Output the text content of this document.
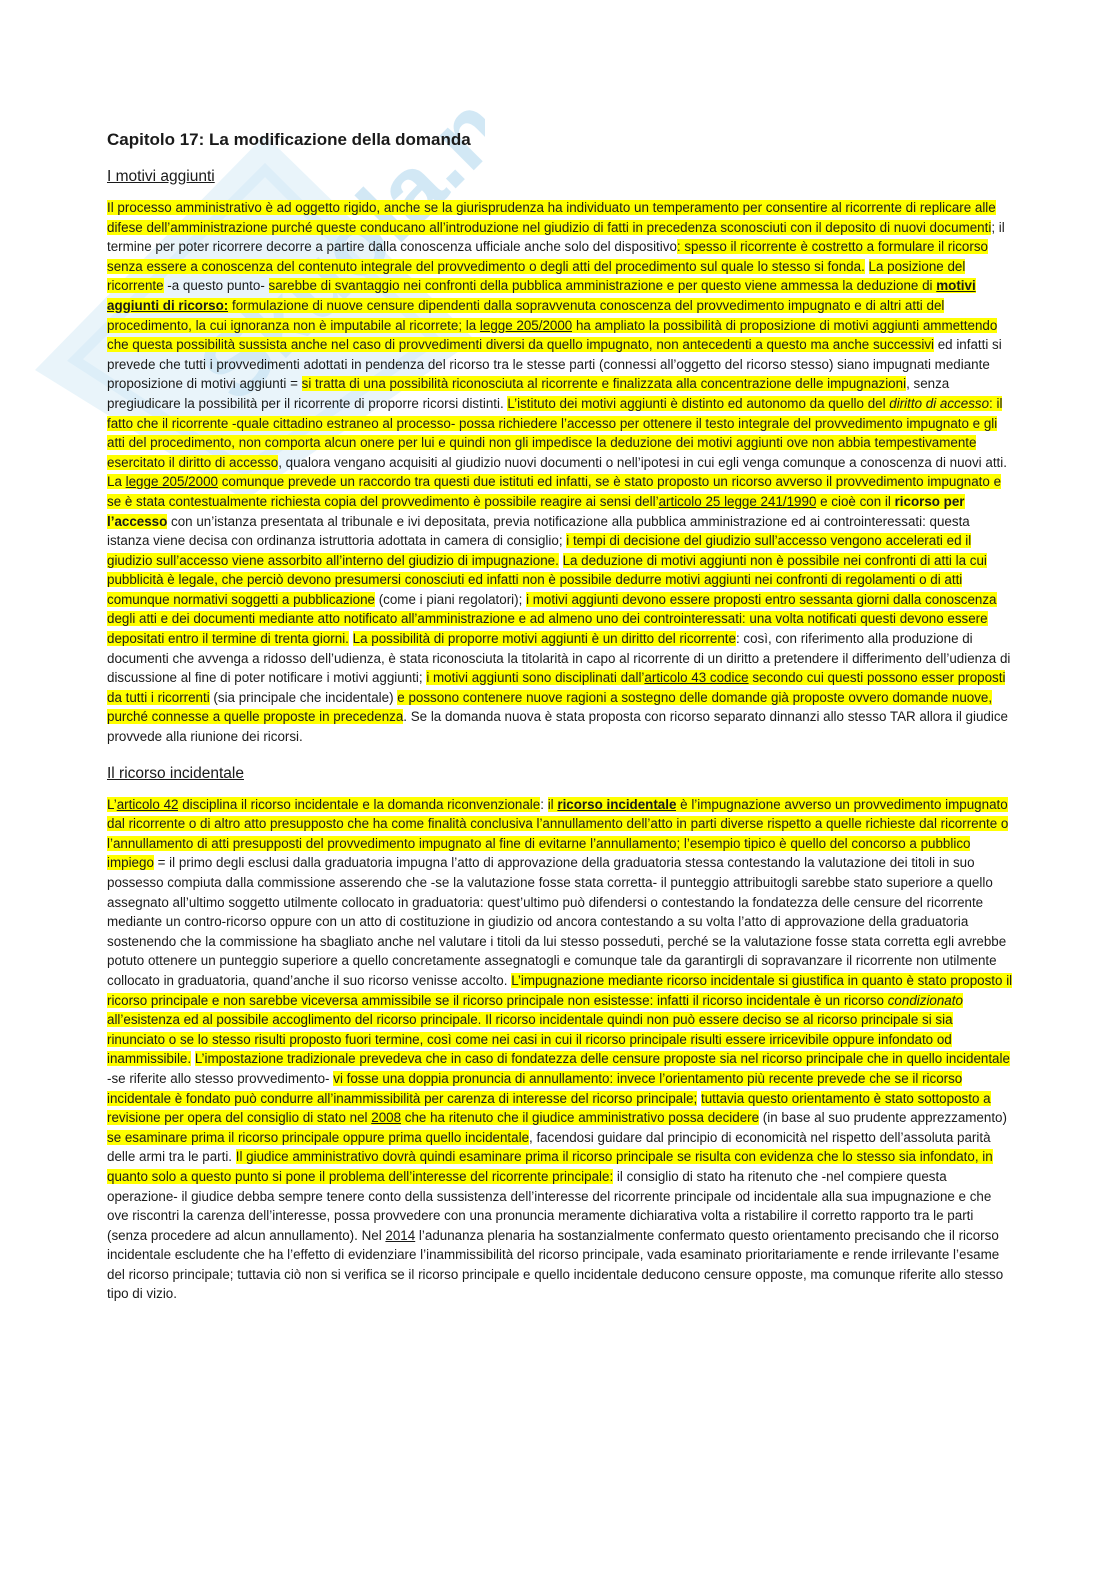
Capitolo 17: La modificazione della domanda
I motivi aggiunti

Il processo amministrativo è ad oggetto rigido, anche se la giurisprudenza ha individuato un temperamento per consentire al ricorrente di replicare alle difese dell’amministrazione purché queste conducano all’introduzione nel giudizio di fatti in precedenza sconosciuti con il deposito di nuovi documenti; il termine per poter ricorrere decorre a partire dalla conoscenza ufficiale anche solo del dispositivo: spesso il ricorrente è costretto a formulare il ricorso senza essere a conoscenza del contenuto integrale del provvedimento o degli atti del procedimento sul quale lo stesso si fonda. La posizione del ricorrente -a questo punto- sarebbe di svantaggio nei confronti della pubblica amministrazione e per questo viene ammessa la deduzione di motivi aggiunti di ricorso: formulazione di nuove censure dipendenti dalla sopravvenuta conoscenza del provvedimento impugnato e di altri atti del procedimento, la cui ignoranza non è imputabile al ricorrete; la legge 205/2000 ha ampliato la possibilità di proposizione di motivi aggiunti ammettendo che questa possibilità sussista anche nel caso di provvedimenti diversi da quello impugnato, non antecedenti a questo ma anche successivi ed infatti si prevede che tutti i provvedimenti adottati in pendenza del ricorso tra le stesse parti (connessi all’oggetto del ricorso stesso) siano impugnati mediante proposizione di motivi aggiunti = si tratta di una possibilità riconosciuta al ricorrente e finalizzata alla concentrazione delle impugnazioni, senza pregiudicare la possibilità per il ricorrente di proporre ricorsi distinti. L’istituto dei motivi aggiunti è distinto ed autonomo da quello del diritto di accesso: il fatto che il ricorrente -quale cittadino estraneo al processo- possa richiedere l’accesso per ottenere il testo integrale del provvedimento impugnato e gli atti del procedimento, non comporta alcun onere per lui e quindi non gli impedisce la deduzione dei motivi aggiunti ove non abbia tempestivamente esercitato il diritto di accesso, qualora vengano acquisiti al giudizio nuovi documenti o nell’ipotesi in cui egli venga comunque a conoscenza di nuovi atti. La legge 205/2000 comunque prevede un raccordo tra questi due istituti ed infatti, se è stato proposto un ricorso avverso il provvedimento impugnato e se è stata contestualmente richiesta copia del provvedimento è possibile reagire ai sensi dell’articolo 25 legge 241/1990 e cioè con il ricorso per l’accesso con un’istanza presentata al tribunale e ivi depositata, previa notificazione alla pubblica amministrazione ed ai controinteressati: questa istanza viene decisa con ordinanza istruttoria adottata in camera di consiglio; i tempi di decisione del giudizio sull’accesso vengono accelerati ed il giudizio sull’accesso viene assorbito all’interno del giudizio di impugnazione. La deduzione di motivi aggiunti non è possibile nei confronti di atti la cui pubblicità è legale, che perciò devono presumersi conosciuti ed infatti non è possibile dedurre motivi aggiunti nei confronti di regolamenti o di atti comunque normativi soggetti a pubblicazione (come i piani regolatori); i motivi aggiunti devono essere proposti entro sessanta giorni dalla conoscenza degli atti e dei documenti mediante atto notificato all’amministrazione e ad almeno uno dei controinteressati: una volta notificati questi devono essere depositati entro il termine di trenta giorni. La possibilità di proporre motivi aggiunti è un diritto del ricorrente: così, con riferimento alla produzione di documenti che avvenga a ridosso dell’udienza, è stata riconosciuta la titolarità in capo al ricorrente di un diritto a pretendere il differimento dell’udienza di discussione al fine di poter notificare i motivi aggiunti; i motivi aggiunti sono disciplinati dall’articolo 43 codice secondo cui questi possono esser proposti da tutti i ricorrenti (sia principale che incidentale) e possono contenere nuove ragioni a sostegno delle domande già proposte ovvero domande nuove, purché connesse a quelle proposte in precedenza. Se la domanda nuova è stata proposta con ricorso separato dinnanzi allo stesso TAR allora il giudice provvede alla riunione dei ricorsi.

Il ricorso incidentale

L’articolo 42 disciplina il ricorso incidentale e la domanda riconvenzionale: il ricorso incidentale è l’impugnazione avverso un provvedimento impugnato dal ricorrente o di altro atto presupposto che ha come finalità conclusiva l’annullamento dell’atto in parti diverse rispetto a quelle richieste dal ricorrente o l’annullamento di atti presupposti del provvedimento impugnato al fine di evitarne l’annullamento; l’esempio tipico è quello del concorso a pubblico impiego = il primo degli esclusi dalla graduatoria impugna l’atto di approvazione della graduatoria stessa contestando la valutazione dei titoli in suo possesso compiuta dalla commissione asserendo che -se la valutazione fosse stata corretta- il punteggio attribuitogli sarebbe stato superiore a quello assegnato all’ultimo soggetto utilmente collocato in graduatoria: quest’ultimo può difendersi o contestando la fondatezza delle censure del ricorrente mediante un contro-ricorso oppure con un atto di costituzione in giudizio od ancora contestando a su volta l’atto di approvazione della graduatoria sostenendo che la commissione ha sbagliato anche nel valutare i titoli da lui stesso posseduti, perché se la valutazione fosse stata corretta egli avrebbe potuto ottenere un punteggio superiore a quello concretamente assegnatogli e comunque tale da garantirgli di sopravanzare il ricorrente non utilmente collocato in graduatoria, quand’anche il suo ricorso venisse accolto. L’impugnazione mediante ricorso incidentale si giustifica in quanto è stato proposto il ricorso principale e non sarebbe viceversa ammissibile se il ricorso principale non esistesse: infatti il ricorso incidentale è un ricorso condizionato all’esistenza ed al possibile accoglimento del ricorso principale. Il ricorso incidentale quindi non può essere deciso se al ricorso principale si sia rinunciato o se lo stesso risulti proposto fuori termine, così come nei casi in cui il ricorso principale risulti essere irricevibile oppure infondato od inammissibile. L’impostazione tradizionale prevedeva che in caso di fondatezza delle censure proposte sia nel ricorso principale che in quello incidentale -se riferite allo stesso provvedimento- vi fosse una doppia pronuncia di annullamento: invece l’orientamento più recente prevede che se il ricorso incidentale è fondato può condurre all’inammissibilità per carenza di interesse del ricorso principale; tuttavia questo orientamento è stato sottoposto a revisione per opera del consiglio di stato nel 2008 che ha ritenuto che il giudice amministrativo possa decidere (in base al suo prudente apprezzamento) se esaminare prima il ricorso principale oppure prima quello incidentale, facendosi guidare dal principio di economicità nel rispetto dell’assoluta parità delle armi tra le parti. Il giudice amministrativo dovrà quindi esaminare prima il ricorso principale se risulta con evidenza che lo stesso sia infondato, in quanto solo a questo punto si pone il problema dell’interesse del ricorrente principale: il consiglio di stato ha ritenuto che -nel compiere questa operazione- il giudice debba sempre tenere conto della sussistenza dell’interesse del ricorrente principale od incidentale alla sua impugnazione e che ove riscontri la carenza dell’interesse, possa provvedere con una pronuncia meramente dichiarativa volta a ristabilire il corretto rapporto tra le parti (senza procedere ad alcun annullamento). Nel 2014 l’adunanza plenaria ha sostanzialmente confermato questo orientamento precisando che il ricorso incidentale escludente che ha l’effetto di evidenziare l’inammissibilità del ricorso principale, vada esaminato prioritariamente e rende irrilevante l’esame del ricorso principale; tuttavia ciò non si verifica se il ricorso principale e quello incidentale deducono censure opposte, ma comunque riferite allo stesso tipo di vizio.
